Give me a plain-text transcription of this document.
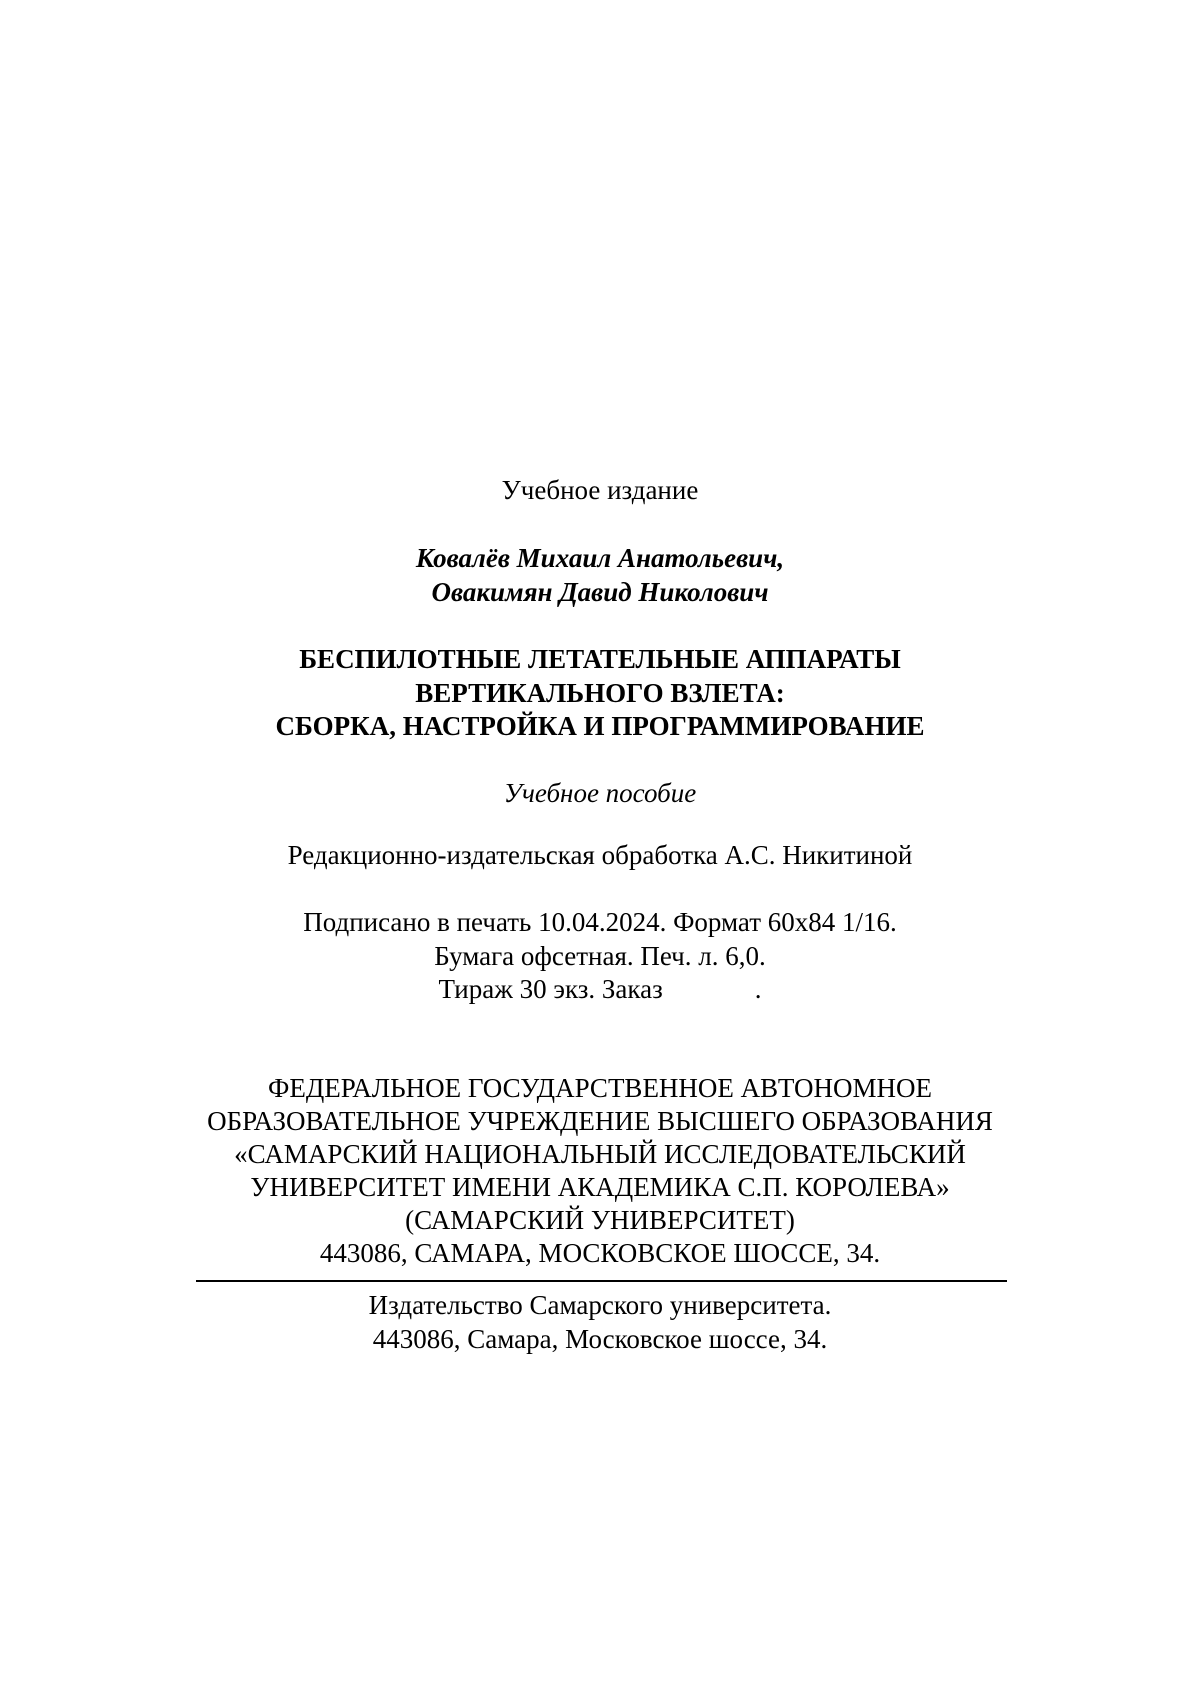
Учебное издание
Ковалёв Михаил Анатольевич,
Овакимян Давид Николович
БЕСПИЛОТНЫЕ ЛЕТАТЕЛЬНЫЕ АППАРАТЫ
ВЕРТИКАЛЬНОГО ВЗЛЕТА:
СБОРКА, НАСТРОЙКА И ПРОГРАММИРОВАНИЕ
Учебное пособие
Редакционно-издательская обработка А.С. Никитиной
Подписано в печать 10.04.2024. Формат 60х84 1/16.
Бумага офсетная. Печ. л. 6,0.
Тираж 30 экз. Заказ	.
ФЕДЕРАЛЬНОЕ ГОСУДАРСТВЕННОЕ АВТОНОМНОЕ
ОБРАЗОВАТЕЛЬНОЕ УЧРЕЖДЕНИЕ ВЫСШЕГО ОБРАЗОВАНИЯ
«САМАРСКИЙ НАЦИОНАЛЬНЫЙ ИССЛЕДОВАТЕЛЬСКИЙ
УНИВЕРСИТЕТ ИМЕНИ АКАДЕМИКА С.П. КОРОЛЕВА»
(САМАРСКИЙ УНИВЕРСИТЕТ)
443086, САМАРА, МОСКОВСКОЕ ШОССЕ, 34.
Издательство Самарского университета.
443086, Самара, Московское шоссе, 34.
